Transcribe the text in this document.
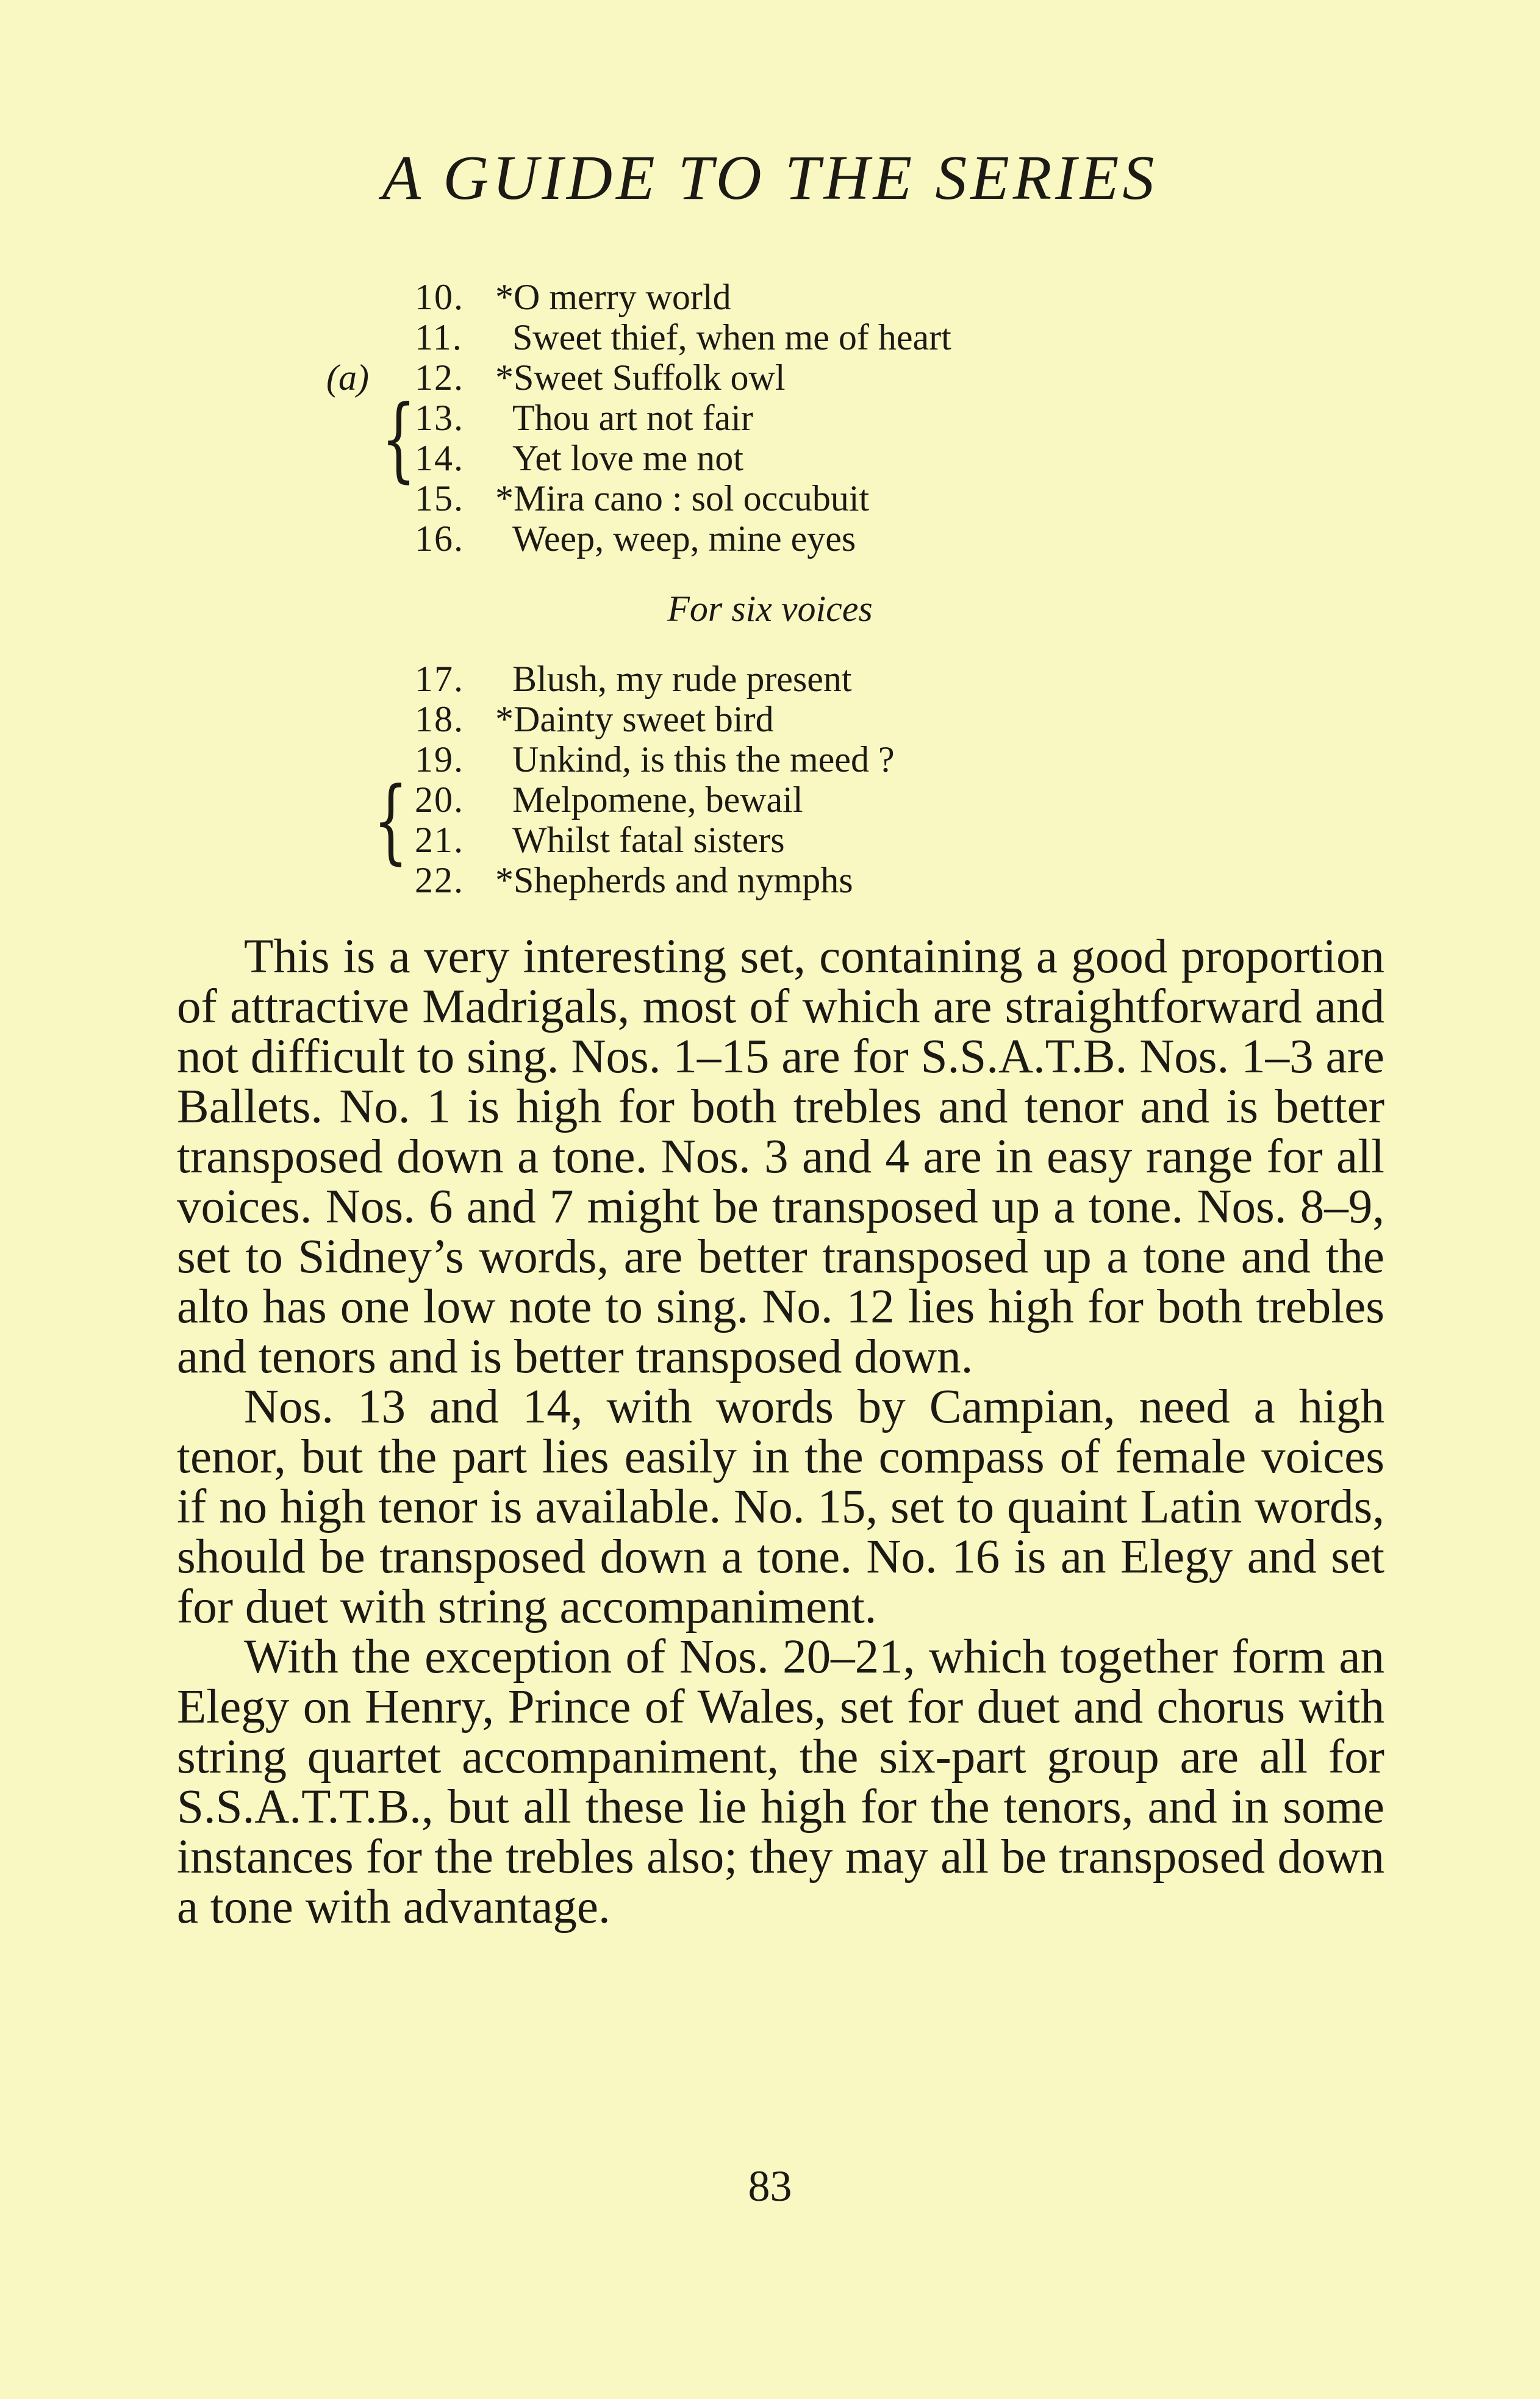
A GUIDE TO THE SERIES
10. *O merry world
11.	Sweet thief, when me of heart
(a)	12. *Sweet Suffolk owl
13.	Thou art not fair
14.	Yet love me not
15. *Mira cano : sol occubuit
16.	Weep, weep, mine eyes
{
For six voices
17.	Blush, my rude present
18. *Dainty sweet bird
19.	Unkind, is this the meed ?
20.	Melpomene, bewail
21.	Whilst fatal sisters
22. *Shepherds and nymphs
{

This is a very interesting set, containing a good proportion of attractive Madrigals, most of which are straightforward and not difficult to sing. Nos. 1–15 are for S.S.A.T.B. Nos. 1–3 are Ballets. No. 1 is high for both trebles and tenor and is better transposed down a tone. Nos. 3 and 4 are in easy range for all voices. Nos. 6 and 7 might be transposed up a tone. Nos. 8–9, set to Sidney’s words, are better transposed up a tone and the alto has one low note to sing. No. 12 lies high for both trebles and tenors and is better transposed down.

Nos. 13 and 14, with words by Campian, need a high tenor, but the part lies easily in the compass of female voices if no high tenor is available. No. 15, set to quaint Latin words, should be transposed down a tone. No. 16 is an Elegy and set for duet with string accompaniment.

With the exception of Nos. 20–21, which together form an Elegy on Henry, Prince of Wales, set for duet and chorus with string quartet accompaniment, the six-part group are all for S.S.A.T.T.B., but all these lie high for the tenors, and in some instances for the trebles also; they may all be transposed down a tone with advantage.

83
